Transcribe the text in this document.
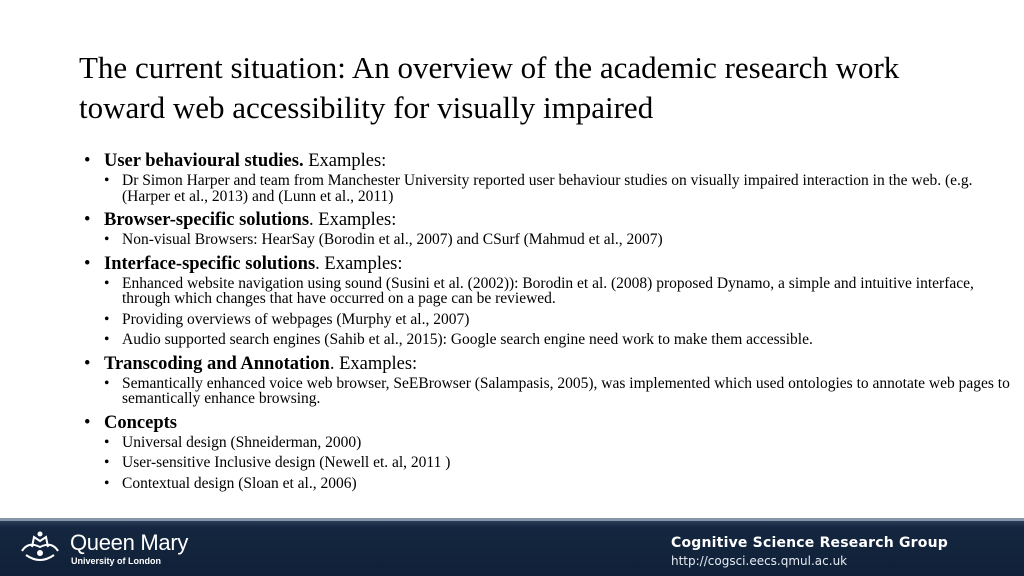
The current situation: An overview of the academic research work toward web accessibility for visually impaired
• User behavioural studies. Examples:
• Dr Simon Harper and team from Manchester University reported user behaviour studies on visually impaired interaction in the web. (e.g. (Harper et al., 2013) and (Lunn et al., 2011)
• Browser-specific solutions. Examples:
• Non-visual Browsers: HearSay (Borodin et al., 2007) and CSurf (Mahmud et al., 2007)
• Interface-specific solutions. Examples:
• Enhanced website navigation using sound (Susini et al. (2002)): Borodin et al. (2008) proposed Dynamo, a simple and intuitive interface, through which changes that have occurred on a page can be reviewed.
• Providing overviews of webpages (Murphy et al., 2007)
• Audio supported search engines (Sahib et al., 2015): Google search engine need work to make them accessible.
• Transcoding and Annotation. Examples:
• Semantically enhanced voice web browser, SeEBrowser (Salampasis, 2005), was implemented which used ontologies to annotate web pages to semantically enhance browsing.
• Concepts
• Universal design (Shneiderman, 2000)
• User-sensitive Inclusive design (Newell et. al, 2011 )
• Contextual design (Sloan et al., 2006)
Queen Mary
University of London
Cognitive Science Research Group
http://cogsci.eecs.qmul.ac.uk
